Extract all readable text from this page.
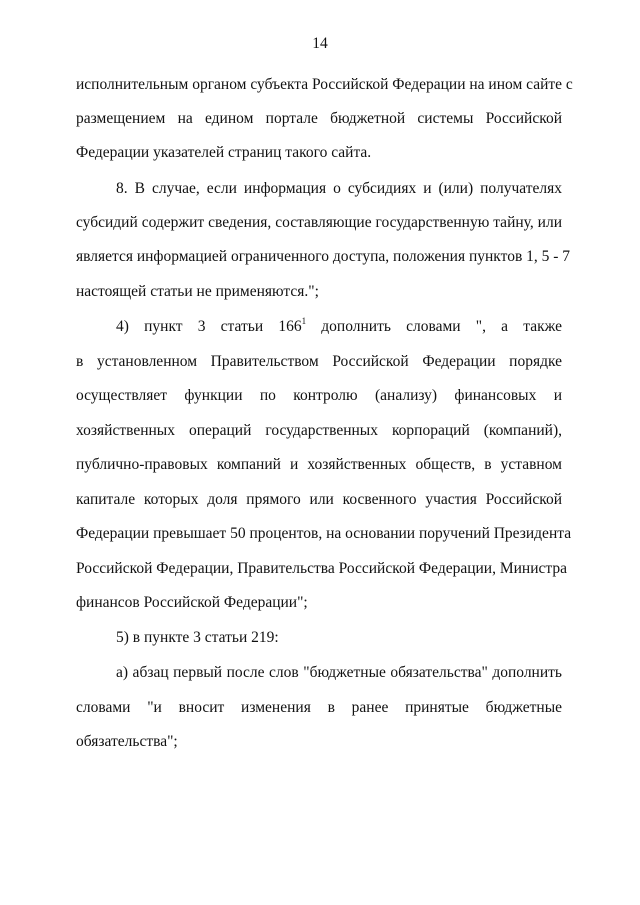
14
исполнительным органом субъекта Российской Федерации на ином сайте с
размещением на едином портале бюджетной системы Российской
Федерации указателей страниц такого сайта.
8. В случае, если информация о субсидиях и (или) получателях
субсидий содержит сведения, составляющие государственную тайну, или
является информацией ограниченного доступа, положения пунктов 1, 5 - 7
настоящей статьи не применяются.";
4) пункт 3 статьи $166^1$ дополнить словами ", а также
в установленном Правительством Российской Федерации порядке
осуществляет функции по контролю (анализу) финансовых и
хозяйственных операций государственных корпораций (компаний),
публично-правовых компаний и хозяйственных обществ, в уставном
капитале которых доля прямого или косвенного участия Российской
Федерации превышает 50 процентов, на основании поручений Президента
Российской Федерации, Правительства Российской Федерации, Министра
финансов Российской Федерации";
5) в пункте 3 статьи 219:
а) абзац первый после слов "бюджетные обязательства" дополнить
словами "и вносит изменения в ранее принятые бюджетные
обязательства";
